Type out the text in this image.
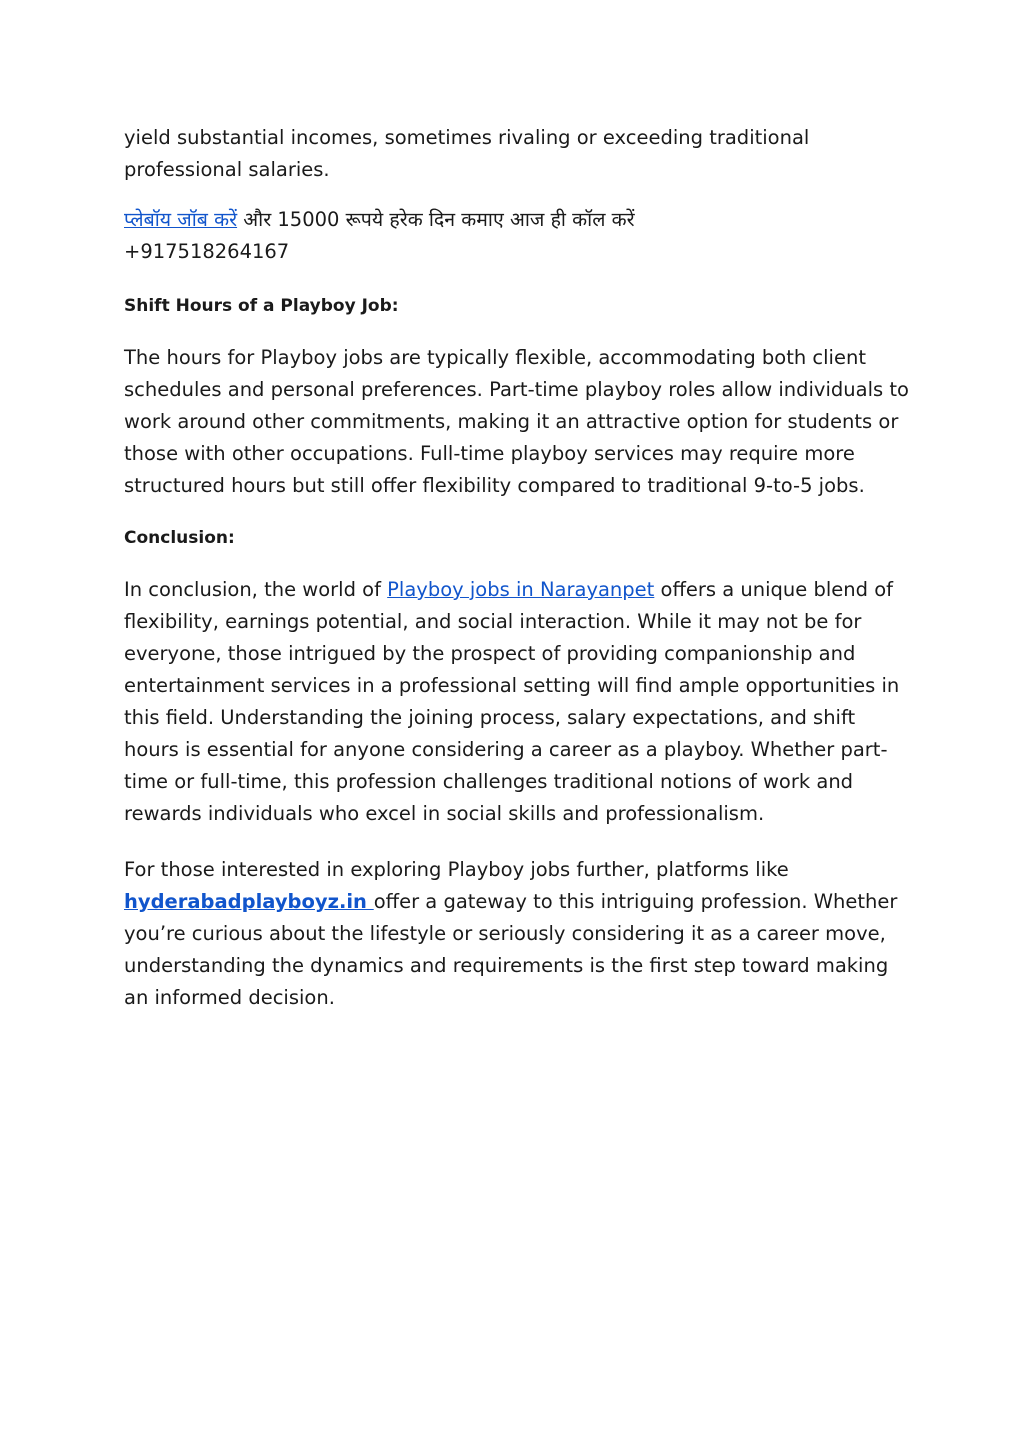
yield substantial incomes, sometimes rivaling or exceeding traditional professional salaries.

प्लेबॉय जॉब करें और 15000 रूपये हरेक दिन कमाए आज ही कॉल करें
+917518264167

Shift Hours of a Playboy Job:

The hours for Playboy jobs are typically flexible, accommodating both client schedules and personal preferences. Part-time playboy roles allow individuals to work around other commitments, making it an attractive option for students or those with other occupations. Full-time playboy services may require more structured hours but still offer flexibility compared to traditional 9-to-5 jobs.

Conclusion:

In conclusion, the world of Playboy jobs in Narayanpet offers a unique blend of flexibility, earnings potential, and social interaction. While it may not be for everyone, those intrigued by the prospect of providing companionship and entertainment services in a professional setting will find ample opportunities in this field. Understanding the joining process, salary expectations, and shift hours is essential for anyone considering a career as a playboy. Whether part-time or full-time, this profession challenges traditional notions of work and rewards individuals who excel in social skills and professionalism.

For those interested in exploring Playboy jobs further, platforms like hyderabadplayboyz.in offer a gateway to this intriguing profession. Whether you’re curious about the lifestyle or seriously considering it as a career move, understanding the dynamics and requirements is the first step toward making an informed decision.
